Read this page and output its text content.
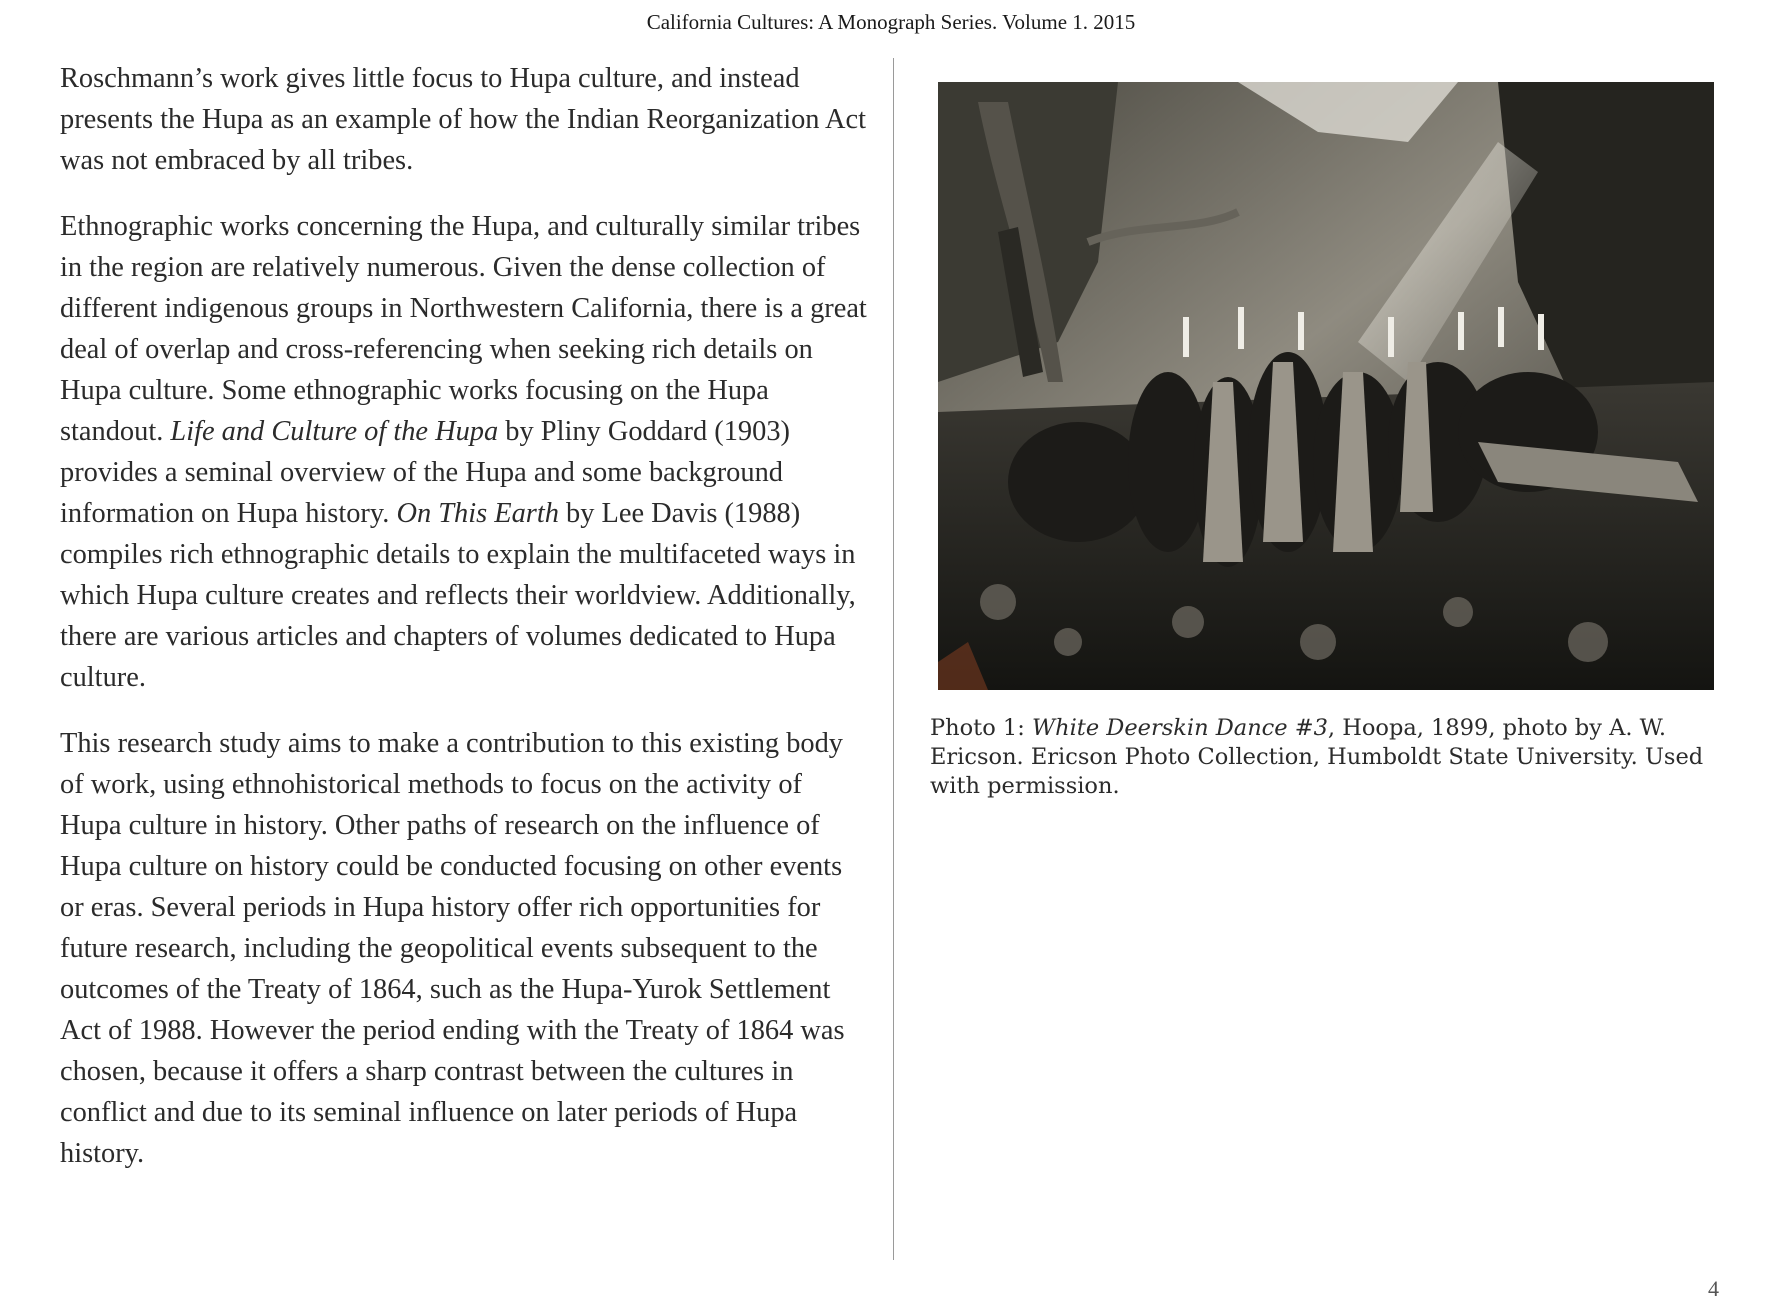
California Cultures: A Monograph Series. Volume 1. 2015

Roschmann’s work gives little focus to Hupa culture, and instead presents the Hupa as an example of how the Indian Reorganization Act was not embraced by all tribes.

Ethnographic works concerning the Hupa, and culturally similar tribes in the region are relatively numerous. Given the dense collection of different indigenous groups in Northwestern California, there is a great deal of overlap and cross-referencing when seeking rich details on Hupa culture. Some ethnographic works focusing on the Hupa standout. Life and Culture of the Hupa by Pliny Goddard (1903) provides a seminal overview of the Hupa and some background information on Hupa history. On This Earth by Lee Davis (1988) compiles rich ethnographic details to explain the multifaceted ways in which Hupa culture creates and reflects their worldview. Additionally, there are various articles and chapters of volumes dedicated to Hupa culture.

This research study aims to make a contribution to this existing body of work, using ethnohistorical methods to focus on the activity of Hupa culture in history. Other paths of research on the influence of Hupa culture on history could be conducted focusing on other events or eras. Several periods in Hupa history offer rich opportunities for future research, including the geopolitical events subsequent to the outcomes of the Treaty of 1864, such as the Hupa-Yurok Settlement Act of 1988. However the period ending with the Treaty of 1864 was chosen, because it offers a sharp contrast between the cultures in conflict and due to its seminal influence on later periods of Hupa history.

Photo 1: White Deerskin Dance #3, Hoopa, 1899, photo by A. W. Ericson. Ericson Photo Collection, Humboldt State University. Used with permission.
4
